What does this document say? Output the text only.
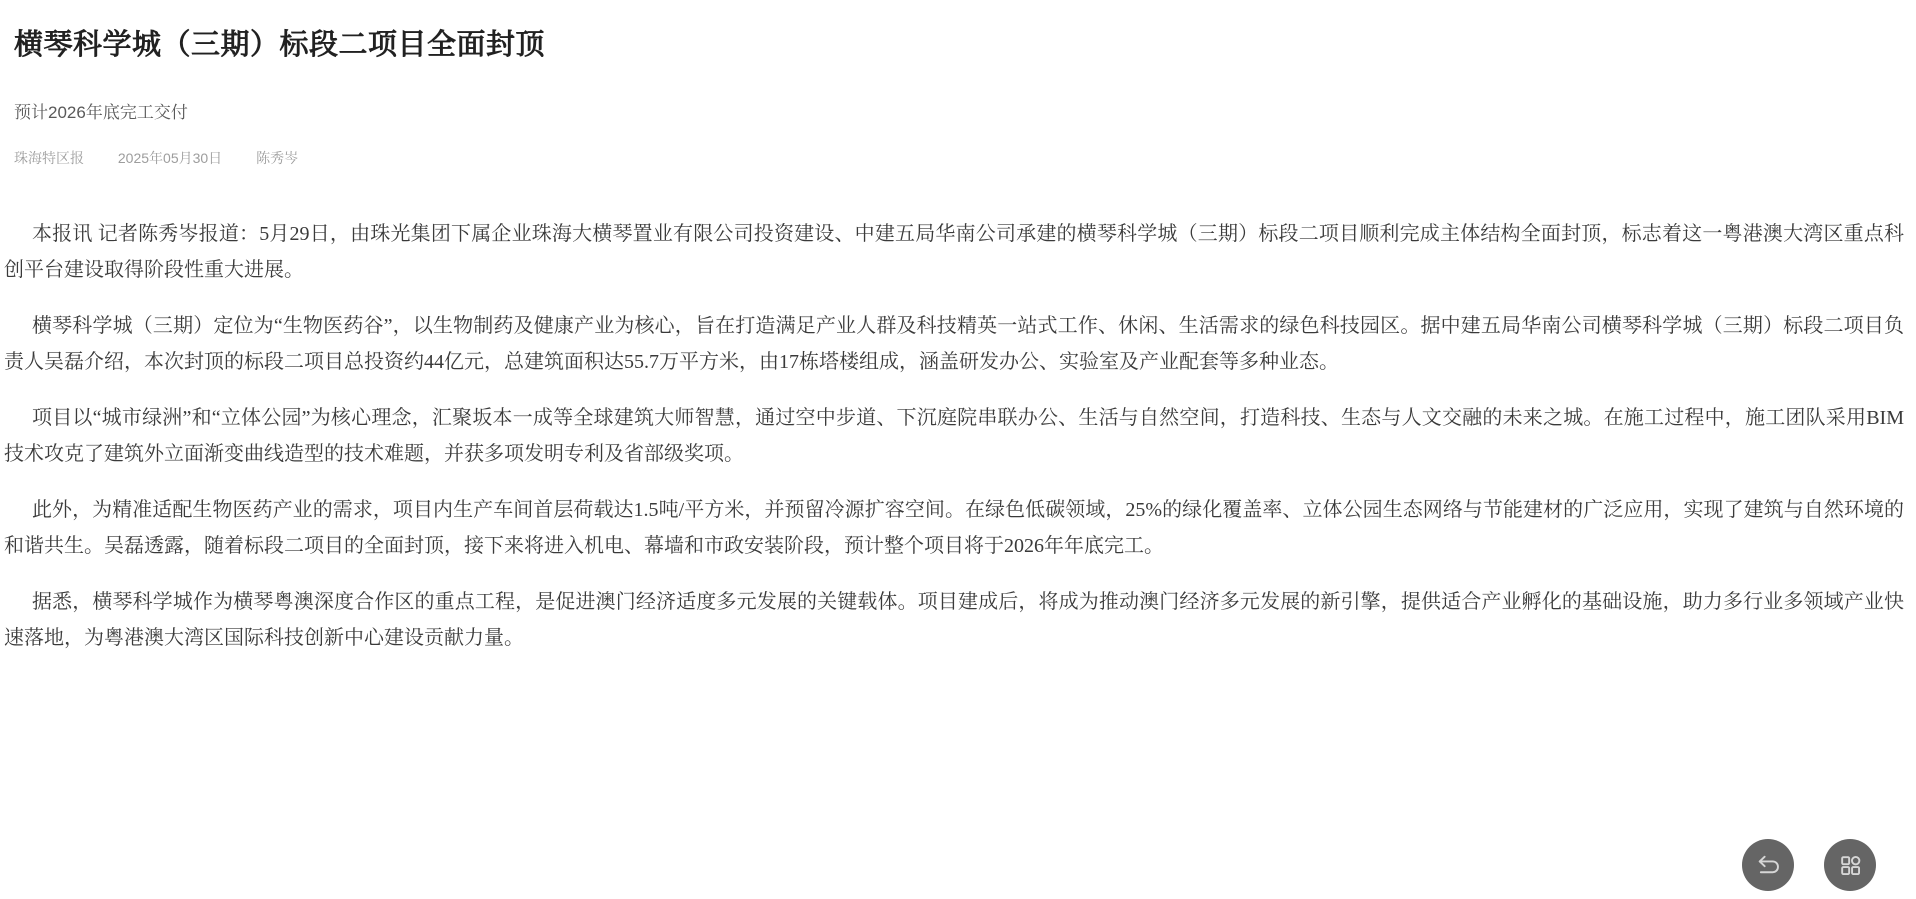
横琴科学城（三期）标段二项目全面封顶
预计2026年底完工交付
珠海特区报 2025年05月30日 陈秀岑

本报讯 记者陈秀岑报道：5月29日，由珠光集团下属企业珠海大横琴置业有限公司投资建设、中建五局华南公司承建的横琴科学城（三期）标段二项目顺利完成主体结构全面封顶，标志着这一粤港澳大湾区重点科创平台建设取得阶段性重大进展。

横琴科学城（三期）定位为“生物医药谷”，以生物制药及健康产业为核心，旨在打造满足产业人群及科技精英一站式工作、休闲、生活需求的绿色科技园区。据中建五局华南公司横琴科学城（三期）标段二项目负责人吴磊介绍，本次封顶的标段二项目总投资约44亿元，总建筑面积达55.7万平方米，由17栋塔楼组成，涵盖研发办公、实验室及产业配套等多种业态。

项目以“城市绿洲”和“立体公园”为核心理念，汇聚坂本一成等全球建筑大师智慧，通过空中步道、下沉庭院串联办公、生活与自然空间，打造科技、生态与人文交融的未来之城。在施工过程中，施工团队采用BIM技术攻克了建筑外立面渐变曲线造型的技术难题，并获多项发明专利及省部级奖项。

此外，为精准适配生物医药产业的需求，项目内生产车间首层荷载达1.5吨/平方米，并预留冷源扩容空间。在绿色低碳领域，25%的绿化覆盖率、立体公园生态网络与节能建材的广泛应用，实现了建筑与自然环境的和谐共生。吴磊透露，随着标段二项目的全面封顶，接下来将进入机电、幕墙和市政安装阶段，预计整个项目将于2026年年底完工。

据悉，横琴科学城作为横琴粤澳深度合作区的重点工程，是促进澳门经济适度多元发展的关键载体。项目建成后，将成为推动澳门经济多元发展的新引擎，提供适合产业孵化的基础设施，助力多行业多领域产业快速落地，为粤港澳大湾区国际科技创新中心建设贡献力量。
